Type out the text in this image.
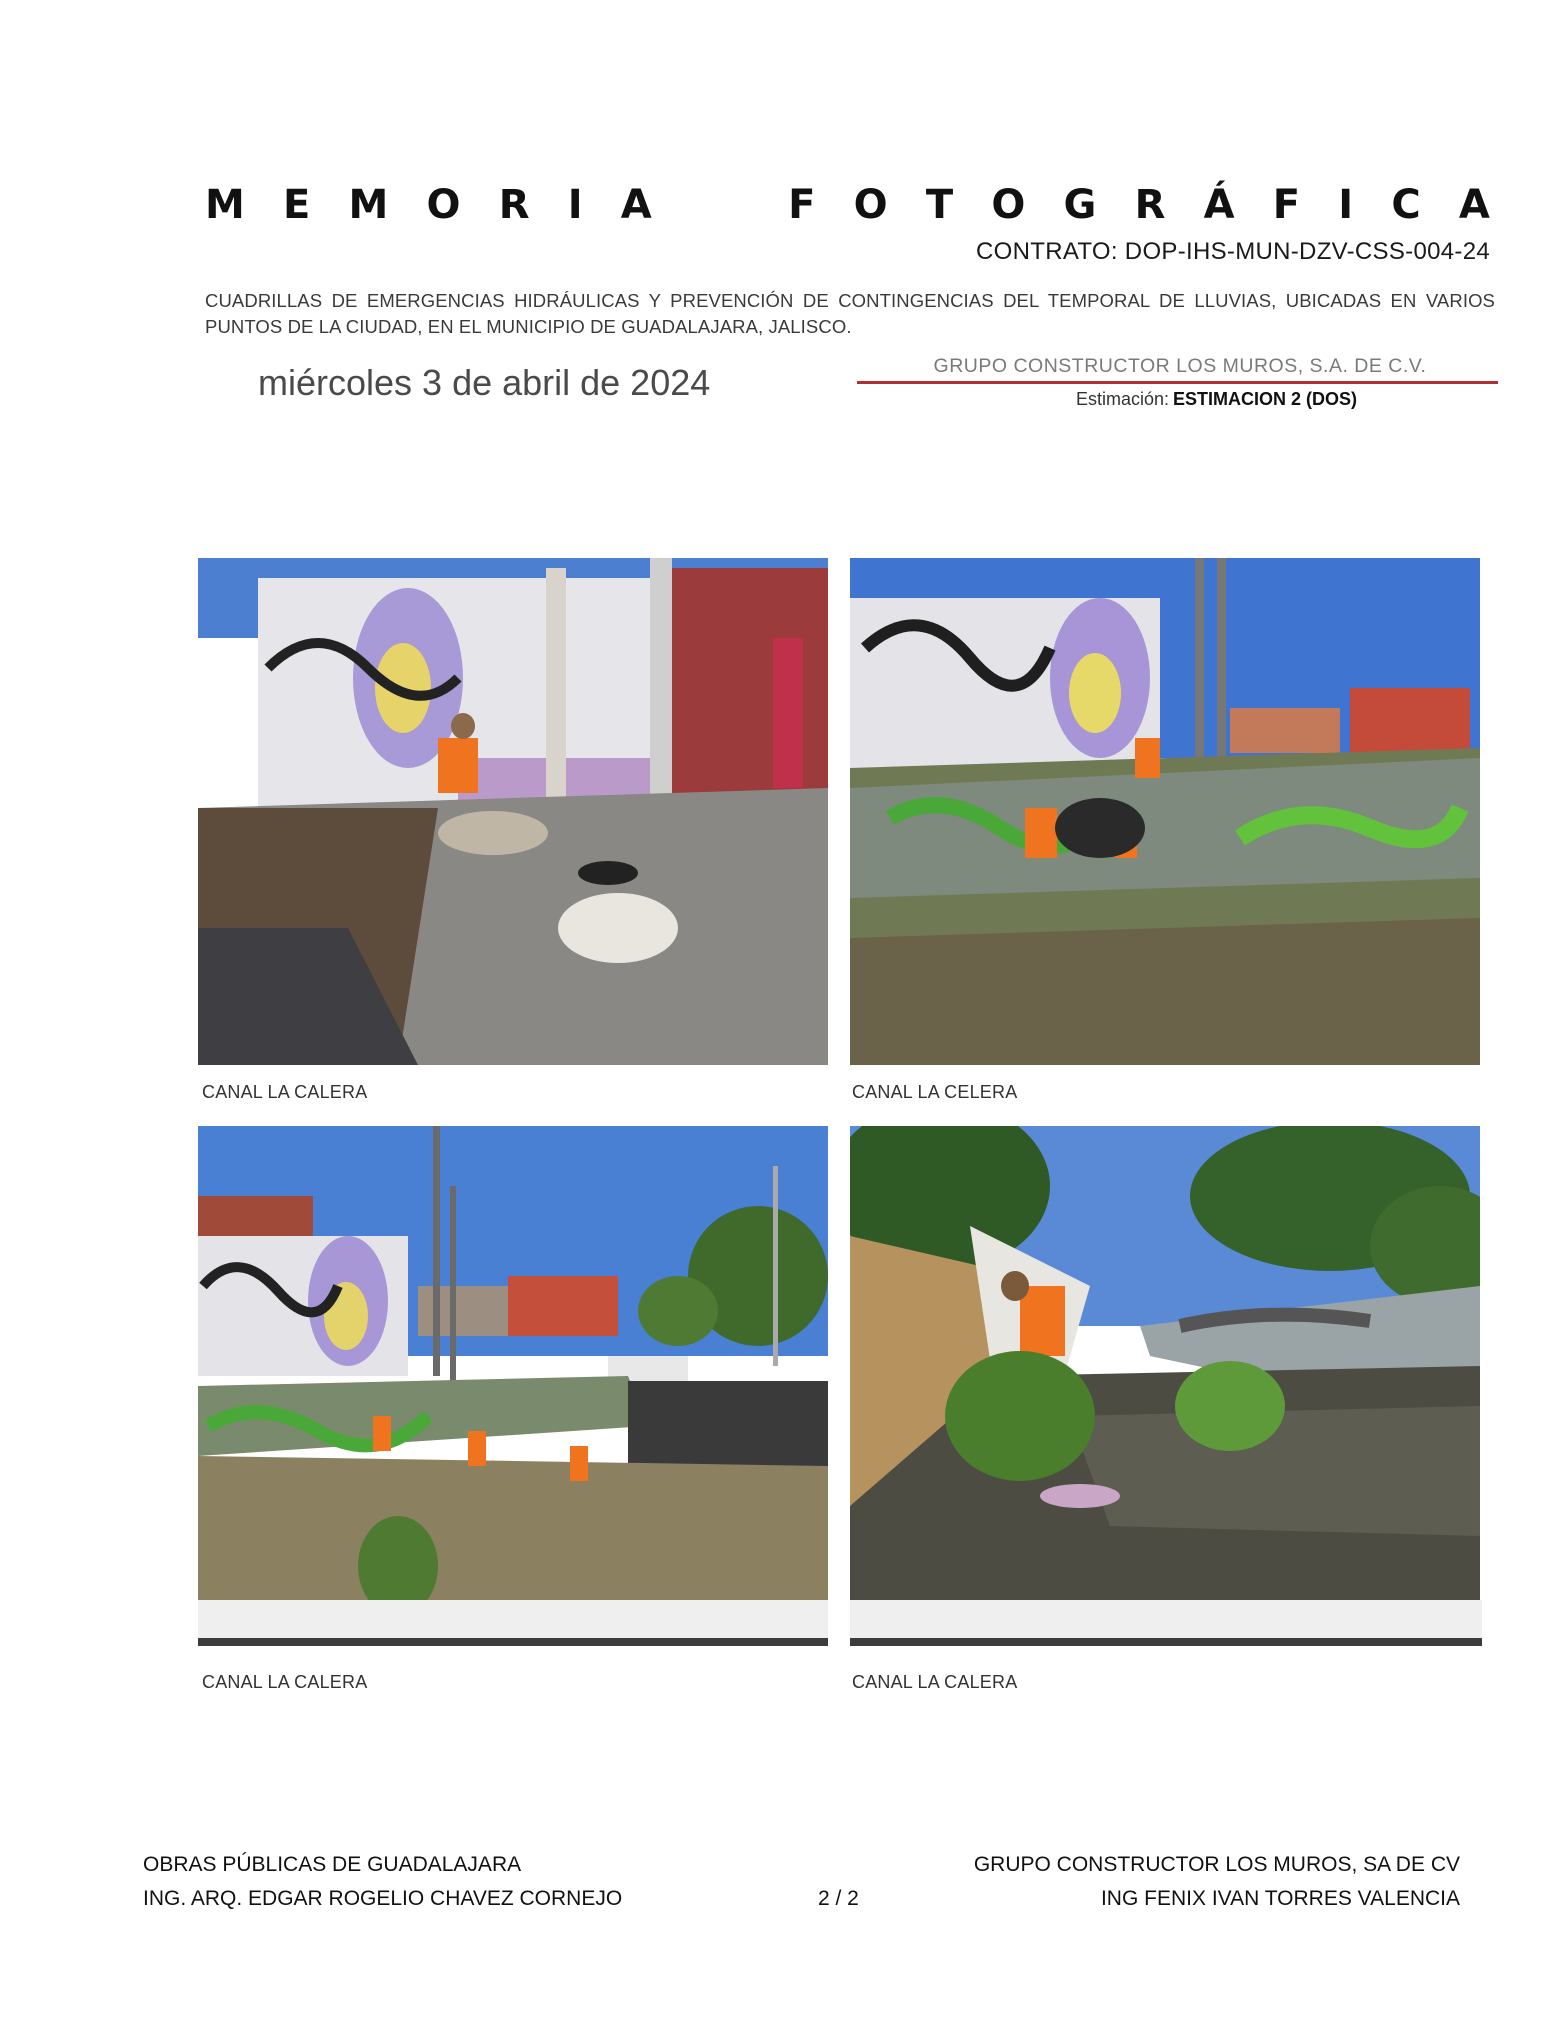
M E M O R I A	F O T O G R Á F I C A
CONTRATO: DOP-IHS-MUN-DZV-CSS-004-24
CUADRILLAS DE EMERGENCIAS HIDRÁULICAS Y PREVENCIÓN DE CONTINGENCIAS DEL TEMPORAL DE LLUVIAS, UBICADAS EN VARIOS PUNTOS DE LA CIUDAD, EN EL MUNICIPIO DE GUADALAJARA, JALISCO.
miércoles 3 de abril de 2024	GRUPO CONSTRUCTOR LOS MUROS, S.A. DE C.V.
Estimación: ESTIMACION 2 (DOS)
CANAL LA CALERA	CANAL LA CELERA
CANAL LA CALERA	CANAL LA CALERA
OBRAS PÚBLICAS DE GUADALAJARA
ING. ARQ. EDGAR ROGELIO CHAVEZ CORNEJO	2 / 2
GRUPO CONSTRUCTOR LOS MUROS, SA DE CV
ING FENIX IVAN TORRES VALENCIA
